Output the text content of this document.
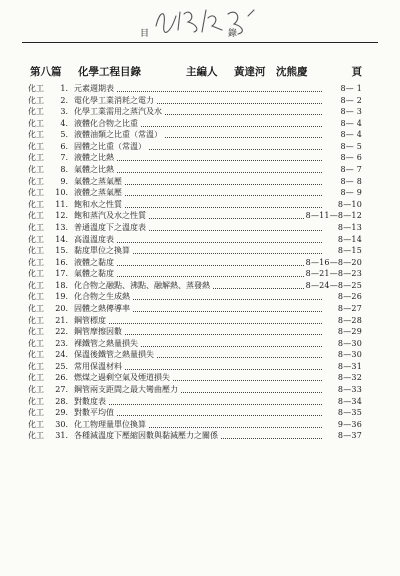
目	錄
第八篇 化學工程目錄	主編人 黃達河　沈熊慶	頁
化工	1. 元素週期表	8— 1
化工	2. 電化學工業消耗之電力	8— 2
化工	3. 化學工業需用之蒸汽及水	8— 3
化工	4. 液體化合物之比重	8— 4
化工	5. 液體油類之比重（常溫）	8— 4
化工	6. 固體之比重（常溫）	8— 5
化工	7. 液體之比熱	8— 6
化工	8. 氣體之比熱	8— 7
化工	9. 氣體之蒸氣壓	8— 8
化工 10. 液體之蒸氣壓	8— 9
化工 11. 飽和水之性質	8—10
化工 12. 飽和蒸汽及水之性質	8—11—8—12
化工 13. 普通溫度下之溫度表	8—13
化工 14. 高溫溫度表	8—14
化工 15. 黏度單位之換算	8—15
化工 16. 液體之黏度	8—16—8—20
化工 17. 氣體之黏度	8—21—8—23
化工 18. 化合物之融點、沸點、融解熱、蒸發熱	8—24—8—25
化工 19. 化合物之生成熱	8—26
化工 20. 固體之熱傳導率	8—27
化工 21. 鋼管標度	8—28
化工 22. 鋼管摩擦因數	8—29
化工 23. 裸鐵管之熱量損失	8—30
化工 24. 保溫後鐵管之熱量損失	8—30
化工 25. 常用保溫材料	8—31
化工 26. 燃煤之過剩空氣及煙道損失	8—32
化工 27. 鋼管兩支距間之最大彎曲壓力	8—33
化工 28. 對數度表	8—34
化工 29. 對數平均值	8—35
化工 30. 化工物理量單位換算	9—36
化工 31. 各種減溫度下壓縮因數與黏減壓力之關係	8—37
